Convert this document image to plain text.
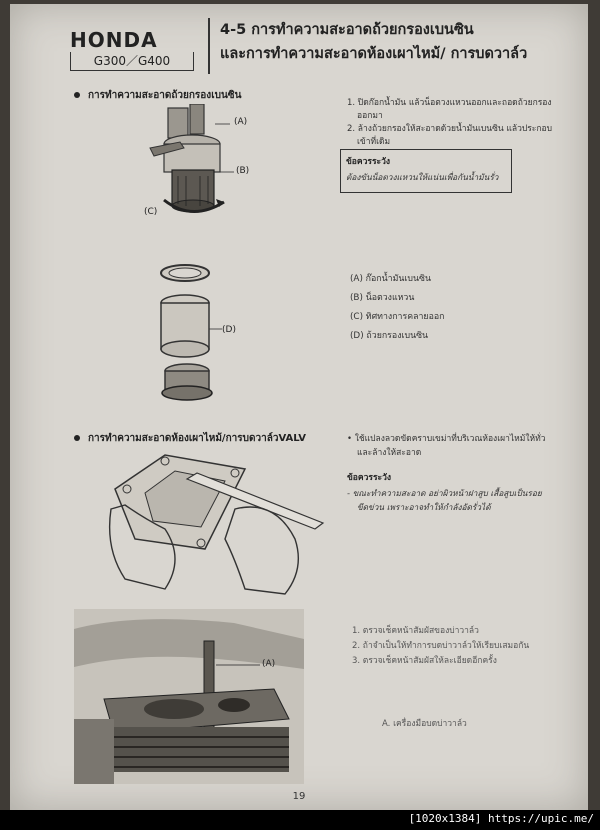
HONDA
G300／G400
4-5 การทำความสะอาดถ้วยกรองเบนซิน
และการทำความสะอาดห้องเผาไหม้/ การบดวาล์ว
การทำความสะอาดถ้วยกรองเบนซิน
(A)
(B)
(C)
(D)
1. ปิดก๊อกน้ำมัน แล้วน็อตวงแหวนออกและถอดถ้วยกรอง
ออกมา
2. ล้างถ้วยกรองให้สะอาดด้วยน้ำมันเบนซิน แล้วประกอบ
เข้าที่เดิม
ข้อควรระวัง
ต้องขันน็อตวงแหวนให้แน่นเพื่อกันน้ำมันรั่ว
(A) ก๊อกน้ำมันเบนซิน
(B) น็อตวงแหวน
(C) ทิศทางการคลายออก
(D) ถ้วยกรองเบนซิน
การทำความสะอาดห้องเผาไหม้/การบดวาล์วVALV	• ใช้แปลงลวดขัดคราบเขม่าที่บริเวณห้องเผาไหม้ให้ทั่ว
และล้างให้สะอาด
ข้อควรระวัง
- ขณะทำความสะอาด อย่าผิวหน้าฝาสูบ เสื้อสูบเป็นรอย
ขีดข่วน เพราะอาจทำให้กำลังอัดรั่วได้
(A)
1. ตรวจเช็คหน้าสัมผัสของบ่าวาล์ว
2. ถ้าจำเป็นให้ทำการบดบ่าวาล์วให้เรียบเสมอกัน
3. ตรวจเช็คหน้าสัมผัสให้ละเอียดอีกครั้ง
A. เครื่องมือบดบ่าวาล์ว
19
[1020x1384] https://upic.me/
